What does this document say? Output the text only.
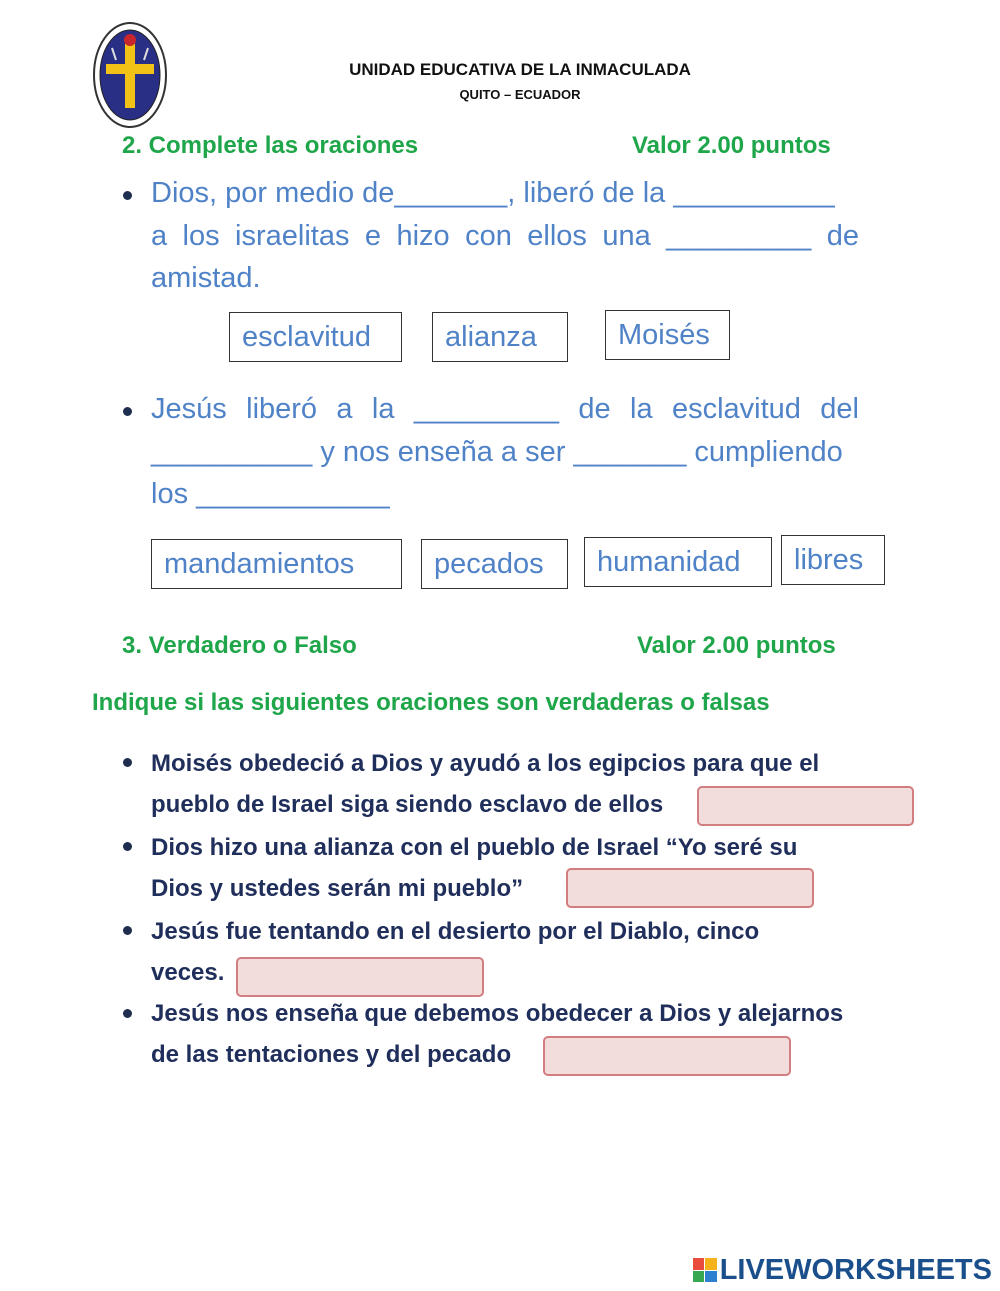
UNIDAD EDUCATIVA DE LA INMACULADA
QUITO – ECUADOR
2. Complete las oraciones	Valor 2.00 puntos
Dios, por medio de_______, liberó de la __________
a los israelitas e hizo con ellos una _________ de
amistad.
esclavitud	alianza	Moisés
Jesús liberó a la _________ de la esclavitud del
__________ y nos enseña a ser _______ cumpliendo
los ____________
mandamientos	pecados	humanidad	libres
3. Verdadero o Falso	Valor 2.00 puntos
Indique si las siguientes oraciones son verdaderas o falsas
Moisés obedeció a Dios y ayudó a los egipcios para que el
pueblo de Israel siga siendo esclavo de ellos
Dios hizo una alianza con el pueblo de Israel “Yo seré su
Dios y ustedes serán mi pueblo”
Jesús fue tentando en el desierto por el Diablo, cinco
veces.
Jesús nos enseña que debemos obedecer a Dios y alejarnos
de las tentaciones y del pecado
LIVEWORKSHEETS
